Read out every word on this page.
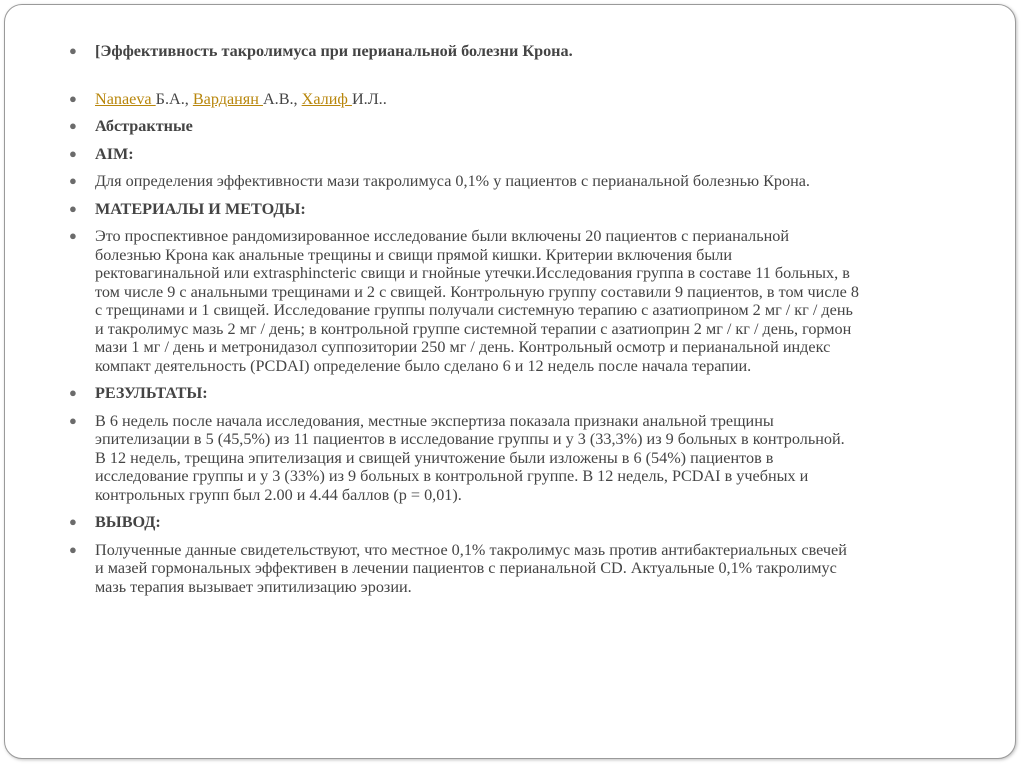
● [Эффективность такролимуса при перианальной болезни Крона.
● Nanaeva Б.А., Варданян А.В., Халиф И.Л..
● Абстрактные
● AIM:
● Для определения эффективности мази такролимуса 0,1% у пациентов с перианальной болезнью Крона.
● МАТЕРИАЛЫ И МЕТОДЫ:
● Это проспективное рандомизированное исследование были включены 20 пациентов с перианальной болезнью Крона как анальные трещины и свищи прямой кишки. Критерии включения были ректовагинальной или extrasphincteric свищи и гнойные утечки.Исследования группа в составе 11 больных, в том числе 9 с анальными трещинами и 2 с свищей. Контрольную группу составили 9 пациентов, в том числе 8 с трещинами и 1 свищей. Исследование группы получали системную терапию с азатиоприном 2 мг / кг / день и такролимус мазь 2 мг / день; в контрольной группе системной терапии с азатиоприн 2 мг / кг / день, гормон мази 1 мг / день и метронидазол суппозитории 250 мг / день. Контрольный осмотр и перианальной индекс компакт деятельность (PCDAI) определение было сделано 6 и 12 недель после начала терапии.
● РЕЗУЛЬТАТЫ:
● В 6 недель после начала исследования, местные экспертиза показала признаки анальной трещины эпителизации в 5 (45,5%) из 11 пациентов в исследование группы и у 3 (33,3%) из 9 больных в контрольной. В 12 недель, трещина эпителизация и свищей уничтожение были изложены в 6 (54%) пациентов в исследование группы и у 3 (33%) из 9 больных в контрольной группе. В 12 недель, PCDAI в учебных и контрольных групп был 2.00 и 4.44 баллов (p = 0,01).
● ВЫВОД:
● Полученные данные свидетельствуют, что местное 0,1% такролимус мазь против антибактериальных свечей и мазей гормональных эффективен в лечении пациентов с перианальной CD. Актуальные 0,1% такролимус мазь терапия вызывает эпитилизацию эрозии.
